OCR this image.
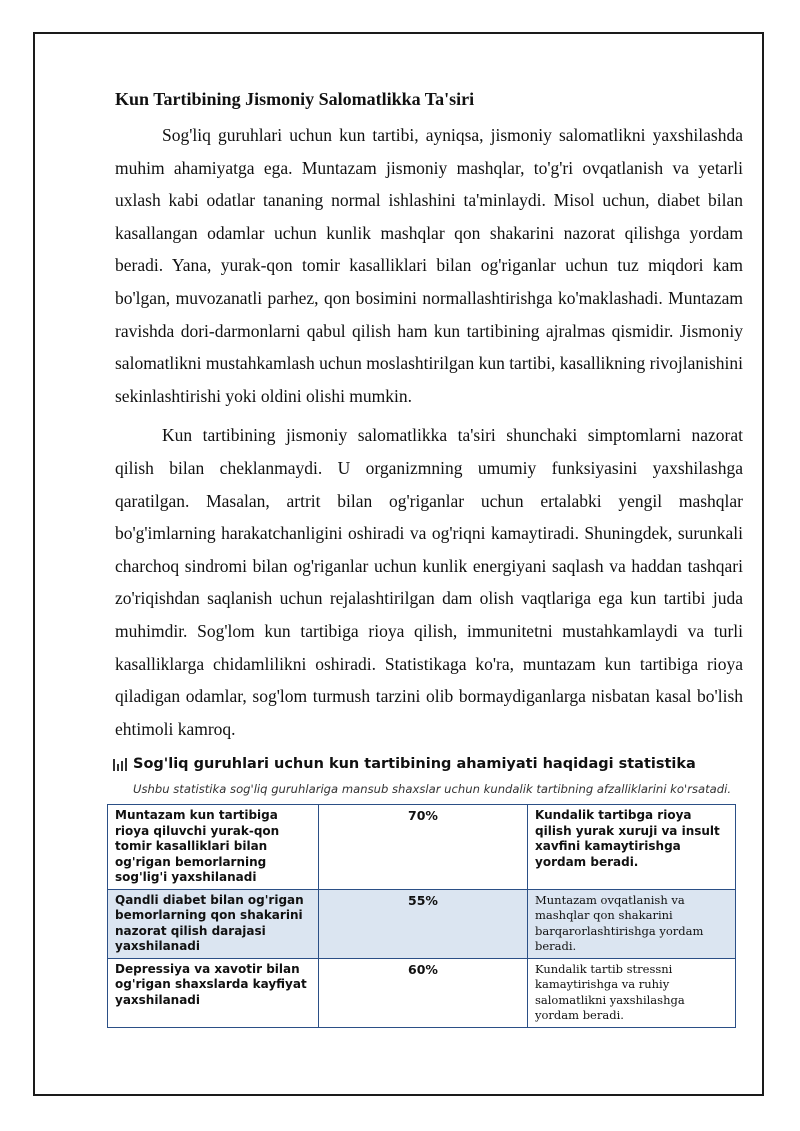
Kun Tartibining Jismoniy Salomatlikka Ta'siri

Sog'liq guruhlari uchun kun tartibi, ayniqsa, jismoniy salomatlikni yaxshilashda muhim ahamiyatga ega. Muntazam jismoniy mashqlar, to'g'ri ovqatlanish va yetarli uxlash kabi odatlar tananing normal ishlashini ta'minlaydi. Misol uchun, diabet bilan kasallangan odamlar uchun kunlik mashqlar qon shakarini nazorat qilishga yordam beradi. Yana, yurak-qon tomir kasalliklari bilan og'riganlar uchun tuz miqdori kam bo'lgan, muvozanatli parhez, qon bosimini normallashtirishga ko'maklashadi. Muntazam ravishda dori-darmonlarni qabul qilish ham kun tartibining ajralmas qismidir. Jismoniy salomatlikni mustahkamlash uchun moslashtirilgan kun tartibi, kasallikning rivojlanishini sekinlashtirishi yoki oldini olishi mumkin.

Kun tartibining jismoniy salomatlikka ta'siri shunchaki simptomlarni nazorat qilish bilan cheklanmaydi. U organizmning umumiy funksiyasini yaxshilashga qaratilgan. Masalan, artrit bilan og'riganlar uchun ertalabki yengil mashqlar bo'g'imlarning harakatchanligini oshiradi va og'riqni kamaytiradi. Shuningdek, surunkali charchoq sindromi bilan og'riganlar uchun kunlik energiyani saqlash va haddan tashqari zo'riqishdan saqlanish uchun rejalashtirilgan dam olish vaqtlariga ega kun tartibi juda muhimdir. Sog'lom kun tartibiga rioya qilish, immunitetni mustahkamlaydi va turli kasalliklarga chidamlilikni oshiradi. Statistikaga ko'ra, muntazam kun tartibiga rioya qiladigan odamlar, sog'lom turmush tarzini olib bormaydiganlarga nisbatan kasal bo'lish ehtimoli kamroq.

Sog'liq guruhlari uchun kun tartibining ahamiyati haqidagi statistika
Ushbu statistika sog'liq guruhlariga mansub shaxslar uchun kundalik tartibning afzalliklarini ko'rsatadi.
Muntazam kun tartibiga rioya qiluvchi yurak-qon tomir kasalliklari bilan og'rigan bemorlarning sog'lig'i yaxshilanadi	70%	Kundalik tartibga rioya qilish yurak xuruji va insult xavfini kamaytirishga yordam beradi.
Qandli diabet bilan og'rigan bemorlarning qon shakarini nazorat qilish darajasi yaxshilanadi	55%	Muntazam ovqatlanish va mashqlar qon shakarini barqarorlashtirishga yordam beradi.
Depressiya va xavotir bilan og'rigan shaxslarda kayfiyat yaxshilanadi	60%	Kundalik tartib stressni kamaytirishga va ruhiy salomatlikni yaxshilashga yordam beradi.
